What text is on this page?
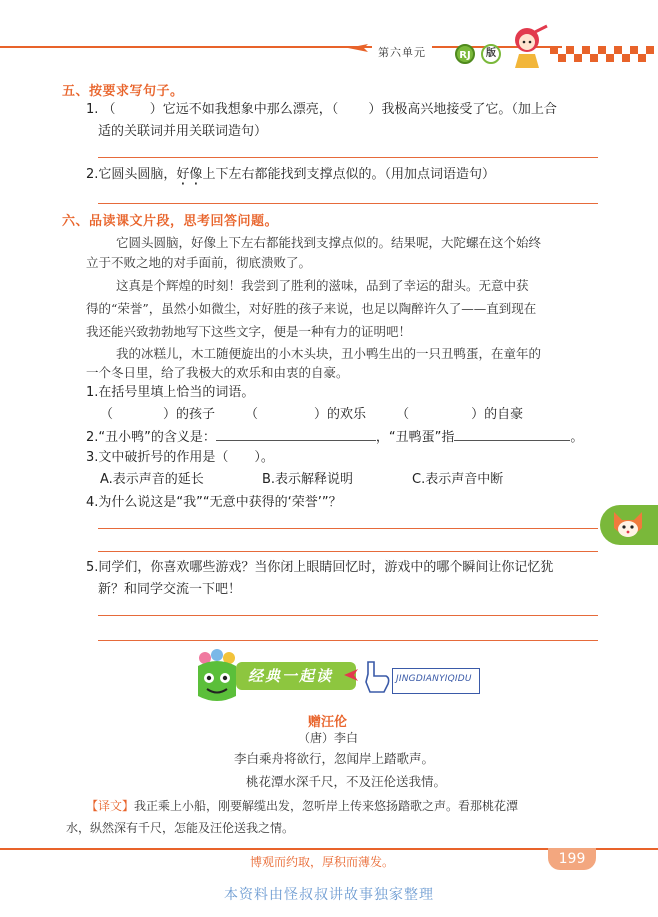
第六单元	RJ	版
五、按要求写句子。
1. （	）它远不如我想象中那么漂亮，（ ）我极高兴地接受了它。（加上合
适的关联词并用关联词造句）
2.它圆头圆脑，好像上下左右都能找到支撑点似的。（用加点词语造句）
六、品读课文片段，思考回答问题。
它圆头圆脑，好像上下左右都能找到支撑点似的。结果呢，大陀螺在这个始终
立于不败之地的对手面前，彻底溃败了。
这真是个辉煌的时刻！我尝到了胜利的滋味，品到了幸运的甜头。无意中获
得的“荣誉”，虽然小如微尘，对好胜的孩子来说，也足以陶醉许久了——直到现在
我还能兴致勃勃地写下这些文字，便是一种有力的证明吧！
我的冰糕儿，木工随便旋出的小木头块，丑小鸭生出的一只丑鸭蛋，在童年的
一个冬日里，给了我极大的欢乐和由衷的自豪。
1.在括号里填上恰当的词语。
（	）的孩子 （	）的欢乐 （	）的自豪
2.“丑小鸭”的含义是：	，“丑鸭蛋”指	。
3.文中破折号的作用是（　　）。
A.表示声音的延长	B.表示解释说明	C.表示声音中断
4.为什么说这是“我”“无意中获得的‘荣誉’”？
5.同学们，你喜欢哪些游戏？当你闭上眼睛回忆时，游戏中的哪个瞬间让你记忆犹
新？和同学交流一下吧！
经典一起读	JINGDIANYIQIDU
赠汪伦
（唐）李白
李白乘舟将欲行，忽闻岸上踏歌声。
桃花潭水深千尺，不及汪伦送我情。
【译文】我正乘上小船，刚要解缆出发，忽听岸上传来悠扬踏歌之声。看那桃花潭
水，纵然深有千尺，怎能及汪伦送我之情。
博观而约取，厚积而薄发。	199
本资料由怪叔叔讲故事独家整理
